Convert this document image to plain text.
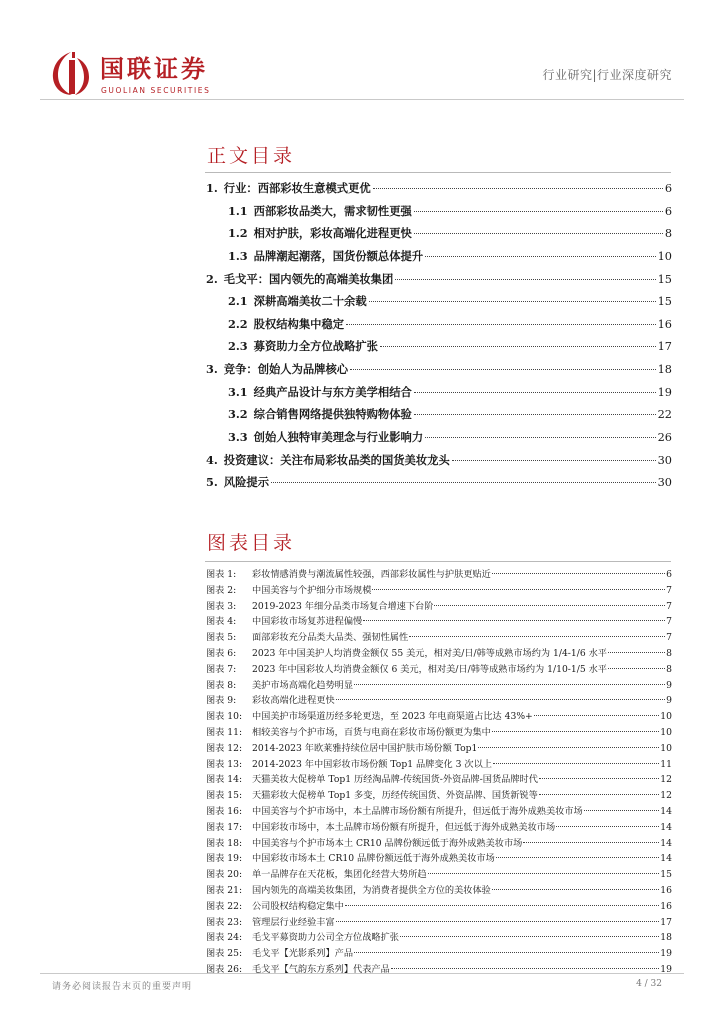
国联证券
GUOLIAN SECURITIES
行业研究|行业深度研究
正文目录
1. 行业：西部彩妆生意模式更优	6
1.1 西部彩妆品类大，需求韧性更强	6
1.2 相对护肤，彩妆高端化进程更快	8
1.3 品牌潮起潮落，国货份额总体提升	10
2. 毛戈平：国内领先的高端美妆集团	15
2.1 深耕高端美妆二十余载	15
2.2 股权结构集中稳定	16
2.3 募资助力全方位战略扩张	17
3. 竞争：创始人为品牌核心	18
3.1 经典产品设计与东方美学相结合	19
3.2 综合销售网络提供独特购物体验	22
3.3 创始人独特审美理念与行业影响力	26
4. 投资建议：关注布局彩妆品类的国货美妆龙头	30
5. 风险提示	30
图表目录
图表 1:	彩妆情感消费与潮流属性较强，西部彩妆属性与护肤更贴近	6
图表 2:	中国美容与个护细分市场规模	7
图表 3:	2019-2023 年细分品类市场复合增速下台阶	7
图表 4:	中国彩妆市场复苏进程偏慢	7
图表 5:	面部彩妆充分品类大品类、强韧性属性	7
图表 6:	2023 年中国美护人均消费金额仅 55 美元，相对美/日/韩等成熟市场约为 1/4-1/6 水平	8
图表 7:	2023 年中国彩妆人均消费金额仅 6 美元，相对美/日/韩等成熟市场约为 1/10-1/5 水平	8
图表 8:	美护市场高端化趋势明显	9
图表 9:	彩妆高端化进程更快	9
图表 10:	中国美护市场渠道历经多轮更迭，至 2023 年电商渠道占比达 43%+	10
图表 11:	相较美容与个护市场，百货与电商在彩妆市场份额更为集中	10
图表 12:	2014-2023 年欧莱雅持续位居中国护肤市场份额 Top1	10
图表 13:	2014-2023 年中国彩妆市场份额 Top1 品牌变化 3 次以上	11
图表 14:	天猫美妆大促榜单 Top1 历经淘品牌-传统国货-外资品牌-国货品牌时代	12
图表 15:	天猫彩妆大促榜单 Top1 多变，历经传统国货、外资品牌、国货新锐等	12
图表 16:	中国美容与个护市场中，本土品牌市场份额有所提升，但远低于海外成熟美妆市场	14
图表 17:	中国彩妆市场中，本土品牌市场份额有所提升，但远低于海外成熟美妆市场	14
图表 18:	中国美容与个护市场本土 CR10 品牌份额远低于海外成熟美妆市场	14
图表 19:	中国彩妆市场本土 CR10 品牌份额远低于海外成熟美妆市场	14
图表 20:	单一品牌存在天花板，集团化经营大势所趋	15
图表 21:	国内领先的高端美妆集团，为消费者提供全方位的美妆体验	16
图表 22:	公司股权结构稳定集中	16
图表 23:	管理层行业经验丰富	17
图表 24:	毛戈平募资助力公司全方位战略扩张	18
图表 25:	毛戈平【光影系列】产品	19
图表 26:	毛戈平【气韵东方系列】代表产品	19
请务必阅读报告末页的重要声明	4 / 32
